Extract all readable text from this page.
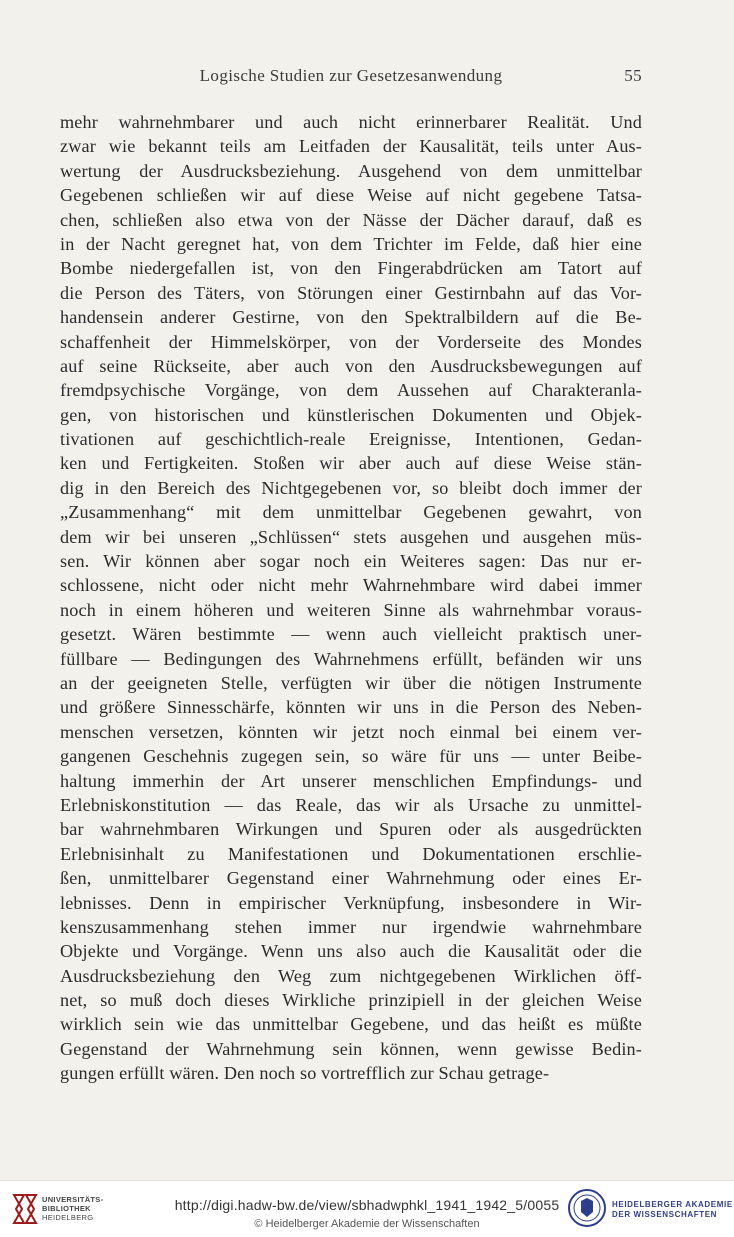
Logische Studien zur Gesetzesanwendung	55
mehr wahrnehmbarer und auch nicht erinnerbarer Realität. Und
zwar wie bekannt teils am Leitfaden der Kausalität, teils unter Aus-
wertung der Ausdrucksbeziehung. Ausgehend von dem unmittelbar
Gegebenen schließen wir auf diese Weise auf nicht gegebene Tatsa-
chen, schließen also etwa von der Nässe der Dächer darauf, daß es
in der Nacht geregnet hat, von dem Trichter im Felde, daß hier eine
Bombe niedergefallen ist, von den Fingerabdrücken am Tatort auf
die Person des Täters, von Störungen einer Gestirnbahn auf das Vor-
handensein anderer Gestirne, von den Spektralbildern auf die Be-
schaffenheit der Himmelskörper, von der Vorderseite des Mondes
auf seine Rückseite, aber auch von den Ausdrucksbewegungen auf
fremdpsychische Vorgänge, von dem Aussehen auf Charakteranla-
gen, von historischen und künstlerischen Dokumenten und Objek-
tivationen auf geschichtlich-reale Ereignisse, Intentionen, Gedan-
ken und Fertigkeiten. Stoßen wir aber auch auf diese Weise stän-
dig in den Bereich des Nichtgegebenen vor, so bleibt doch immer der
„Zusammenhang“ mit dem unmittelbar Gegebenen gewahrt, von
dem wir bei unseren „Schlüssen“ stets ausgehen und ausgehen müs-
sen. Wir können aber sogar noch ein Weiteres sagen: Das nur er-
schlossene, nicht oder nicht mehr Wahrnehmbare wird dabei immer
noch in einem höheren und weiteren Sinne als wahrnehmbar voraus-
gesetzt. Wären bestimmte — wenn auch vielleicht praktisch uner-
füllbare — Bedingungen des Wahrnehmens erfüllt, befänden wir uns
an der geeigneten Stelle, verfügten wir über die nötigen Instrumente
und größere Sinnesschärfe, könnten wir uns in die Person des Neben-
menschen versetzen, könnten wir jetzt noch einmal bei einem ver-
gangenen Geschehnis zugegen sein, so wäre für uns — unter Beibe-
haltung immerhin der Art unserer menschlichen Empfindungs- und
Erlebniskonstitution — das Reale, das wir als Ursache zu unmittel-
bar wahrnehmbaren Wirkungen und Spuren oder als ausgedrückten
Erlebnisinhalt zu Manifestationen und Dokumentationen erschlie-
ßen, unmittelbarer Gegenstand einer Wahrnehmung oder eines Er-
lebnisses. Denn in empirischer Verknüpfung, insbesondere in Wir-
kenszusammenhang stehen immer nur irgendwie wahrnehmbare
Objekte und Vorgänge. Wenn uns also auch die Kausalität oder die
Ausdrucksbeziehung den Weg zum nichtgegebenen Wirklichen öff-
net, so muß doch dieses Wirkliche prinzipiell in der gleichen Weise
wirklich sein wie das unmittelbar Gegebene, und das heißt es müßte
Gegenstand der Wahrnehmung sein können, wenn gewisse Bedin-
gungen erfüllt wären. Den noch so vortrefflich zur Schau getrage-
UNIVERSITÄTS-
BIBLIOTHEK
HEIDELBERG
http://digi.hadw-bw.de/view/sbhadwphkl_1941_1942_5/0055
© Heidelberger Akademie der Wissenschaften
HEIDELBERGER AKADEMIE
DER WISSENSCHAFTEN
